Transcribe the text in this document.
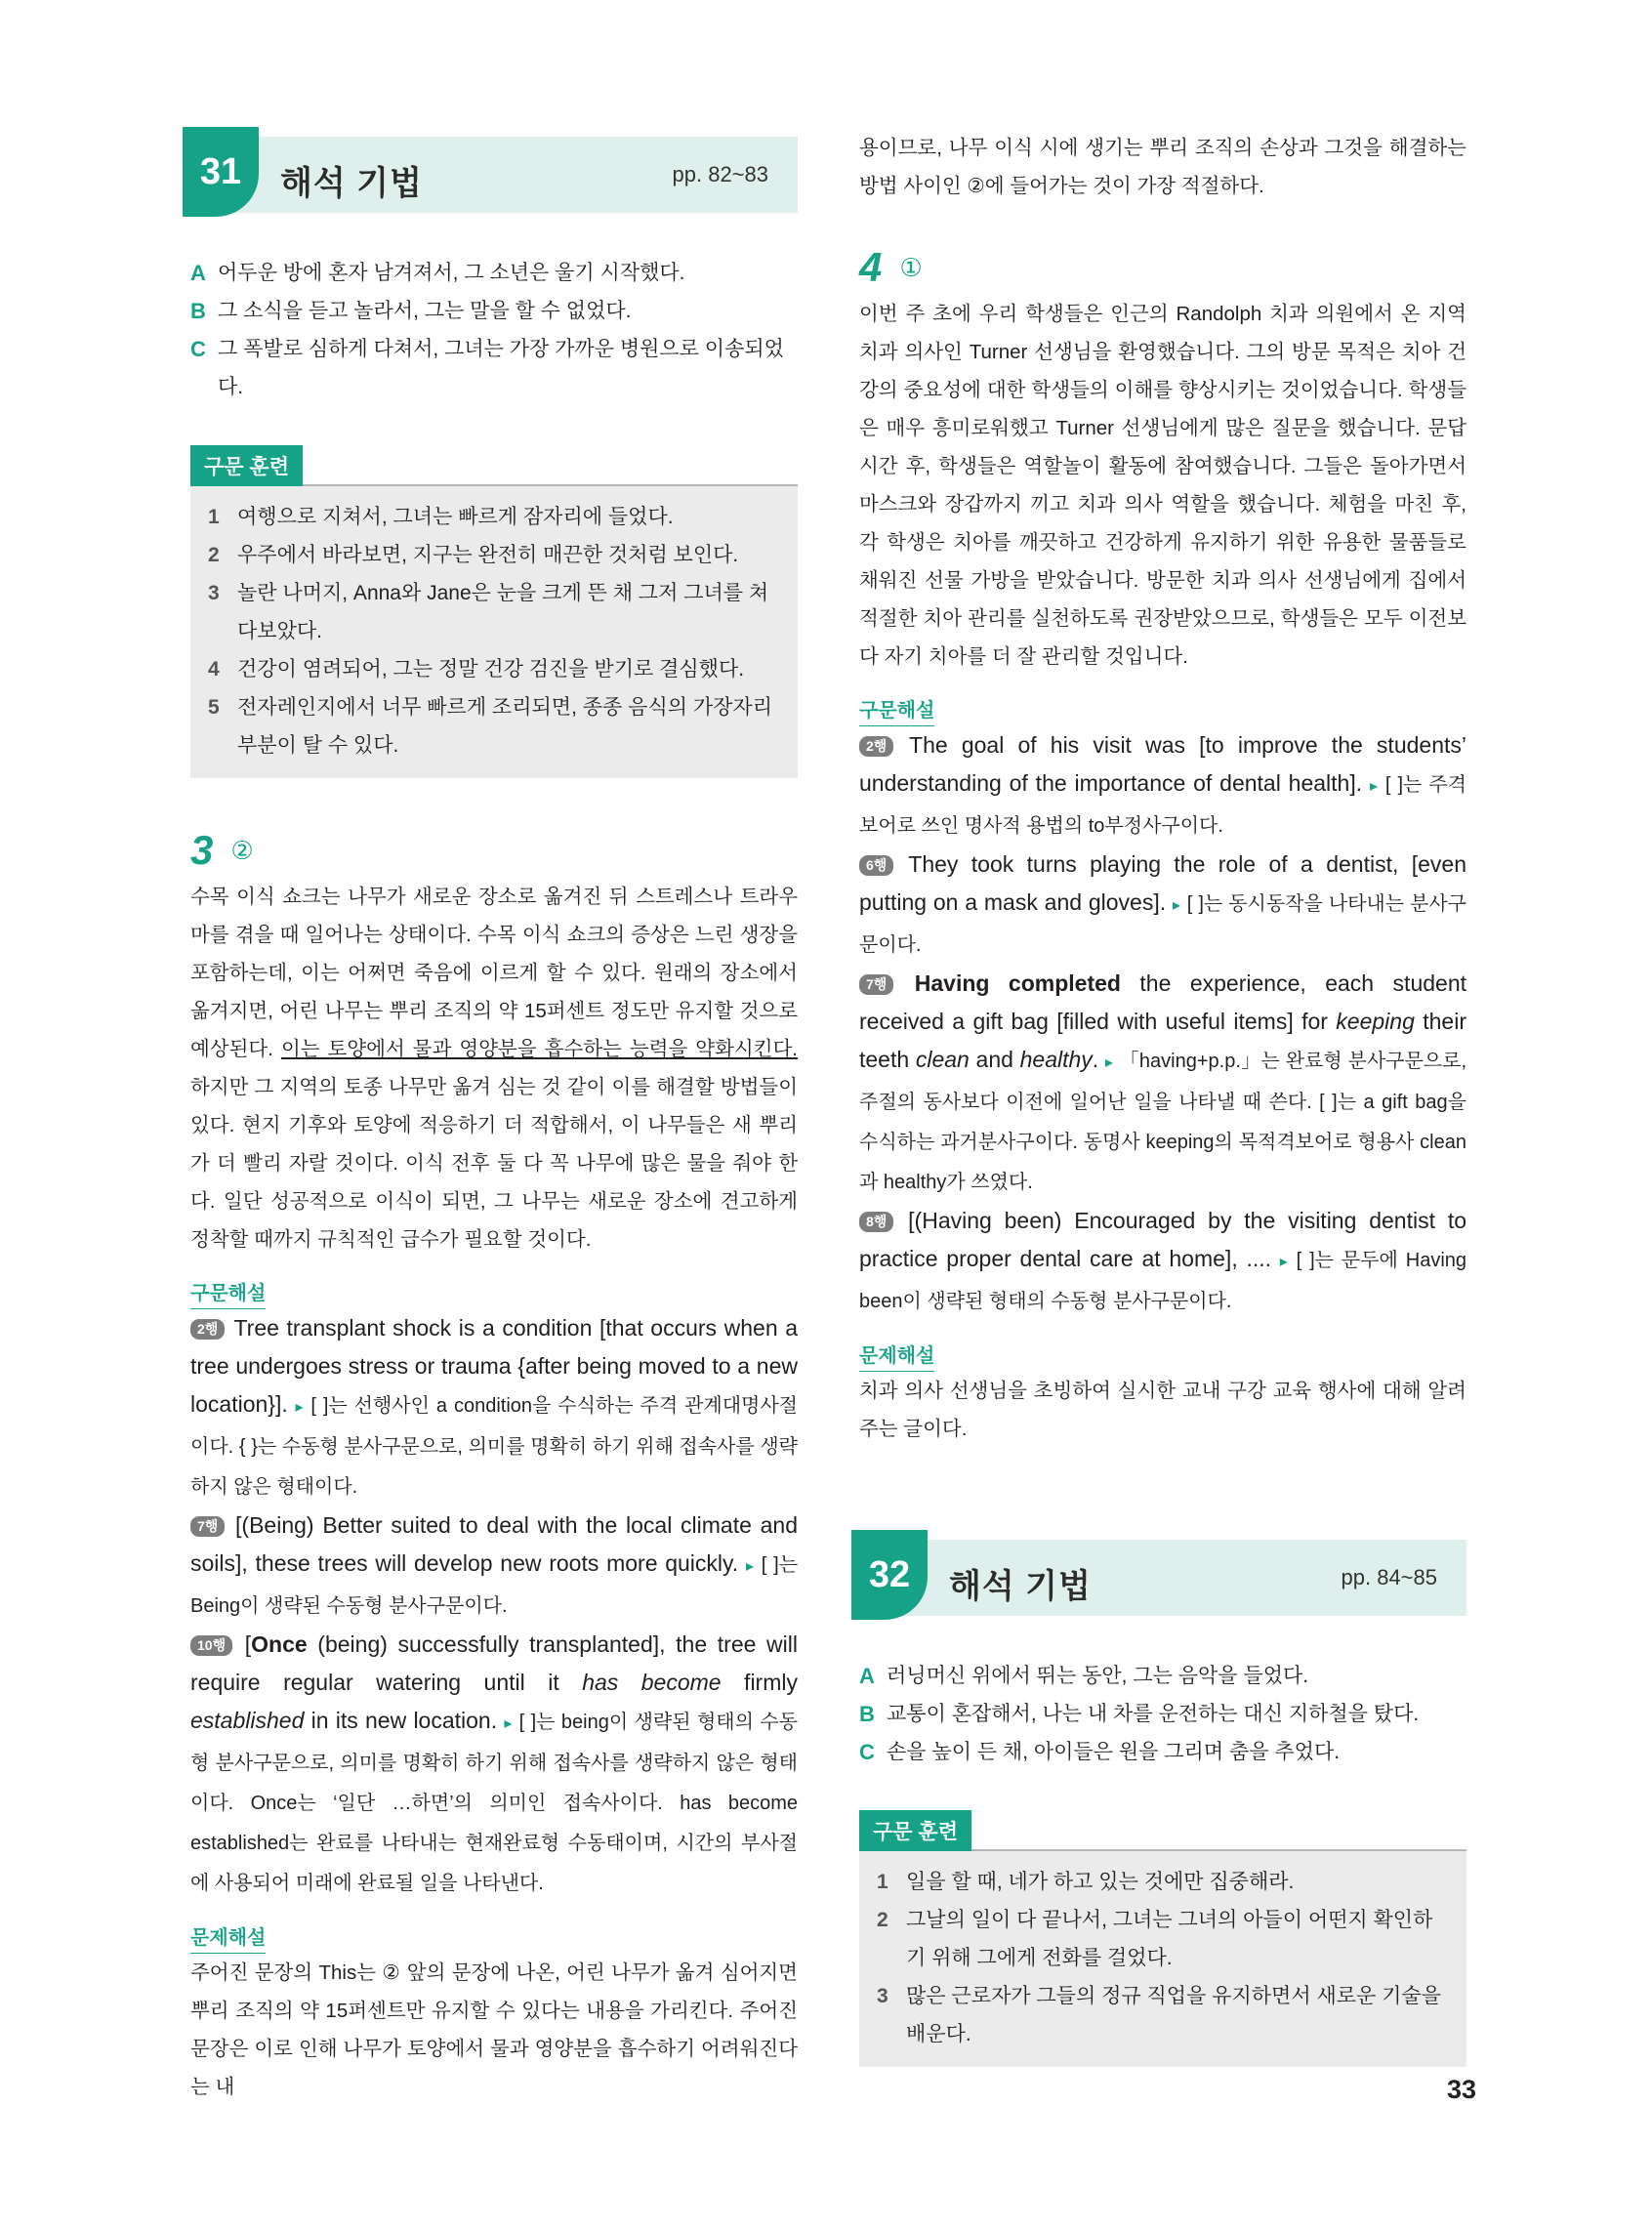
31	해석 기법	pp. 82~83
A 어두운 방에 혼자 남겨져서, 그 소년은 울기 시작했다.
B 그 소식을 듣고 놀라서, 그는 말을 할 수 없었다.
C 그 폭발로 심하게 다쳐서, 그녀는 가장 가까운 병원으로 이송되었다.
구문 훈련
1 여행으로 지쳐서, 그녀는 빠르게 잠자리에 들었다.
2 우주에서 바라보면, 지구는 완전히 매끈한 것처럼 보인다.
3 놀란 나머지, Anna와 Jane은 눈을 크게 뜬 채 그저 그녀를 쳐다보았다.
4 건강이 염려되어, 그는 정말 건강 검진을 받기로 결심했다.
5 전자레인지에서 너무 빠르게 조리되면, 종종 음식의 가장자리 부분이 탈 수 있다.
3 ②

수목 이식 쇼크는 나무가 새로운 장소로 옮겨진 뒤 스트레스나 트라우마를 겪을 때 일어나는 상태이다. 수목 이식 쇼크의 증상은 느린 생장을 포함하는데, 이는 어쩌면 죽음에 이르게 할 수 있다. 원래의 장소에서 옮겨지면, 어린 나무는 뿌리 조직의 약 15퍼센트 정도만 유지할 것으로 예상된다. 이는 토양에서 물과 영양분을 흡수하는 능력을 약화시킨다. 하지만 그 지역의 토종 나무만 옮겨 심는 것 같이 이를 해결할 방법들이 있다. 현지 기후와 토양에 적응하기 더 적합해서, 이 나무들은 새 뿌리가 더 빨리 자랄 것이다. 이식 전후 둘 다 꼭 나무에 많은 물을 줘야 한다. 일단 성공적으로 이식이 되면, 그 나무는 새로운 장소에 견고하게 정착할 때까지 규칙적인 급수가 필요할 것이다.

구문해설

2행 Tree transplant shock is a condition [that occurs when a tree undergoes stress or trauma {after being moved to a new location}]. ▸ [ ]는 선행사인 a condition을 수식하는 주격 관계대명사절이다. { }는 수동형 분사구문으로, 의미를 명확히 하기 위해 접속사를 생략하지 않은 형태이다.

7행 [(Being) Better suited to deal with the local climate and soils], these trees will develop new roots more quickly. ▸ [ ]는 Being이 생략된 수동형 분사구문이다.

10행 [Once (being) successfully transplanted], the tree will require regular watering until it has become firmly established in its new location. ▸ [ ]는 being이 생략된 형태의 수동형 분사구문으로, 의미를 명확히 하기 위해 접속사를 생략하지 않은 형태이다. Once는 ‘일단 …하면’의 의미인 접속사이다. has become established는 완료를 나타내는 현재완료형 수동태이며, 시간의 부사절에 사용되어 미래에 완료될 일을 나타낸다.

문제해설

주어진 문장의 This는 ② 앞의 문장에 나온, 어린 나무가 옮겨 심어지면 뿌리 조직의 약 15퍼센트만 유지할 수 있다는 내용을 가리킨다. 주어진 문장은 이로 인해 나무가 토양에서 물과 영양분을 흡수하기 어려워진다는 내

용이므로, 나무 이식 시에 생기는 뿌리 조직의 손상과 그것을 해결하는 방법 사이인 ②에 들어가는 것이 가장 적절하다.

4 ①

이번 주 초에 우리 학생들은 인근의 Randolph 치과 의원에서 온 지역 치과 의사인 Turner 선생님을 환영했습니다. 그의 방문 목적은 치아 건강의 중요성에 대한 학생들의 이해를 향상시키는 것이었습니다. 학생들은 매우 흥미로워했고 Turner 선생님에게 많은 질문을 했습니다. 문답 시간 후, 학생들은 역할놀이 활동에 참여했습니다. 그들은 돌아가면서 마스크와 장갑까지 끼고 치과 의사 역할을 했습니다. 체험을 마친 후, 각 학생은 치아를 깨끗하고 건강하게 유지하기 위한 유용한 물품들로 채워진 선물 가방을 받았습니다. 방문한 치과 의사 선생님에게 집에서 적절한 치아 관리를 실천하도록 권장받았으므로, 학생들은 모두 이전보다 자기 치아를 더 잘 관리할 것입니다.

구문해설

2행 The goal of his visit was [to improve the students’ understanding of the importance of dental health]. ▸ [ ]는 주격보어로 쓰인 명사적 용법의 to부정사구이다.

6행 They took turns playing the role of a dentist, [even putting on a mask and gloves]. ▸ [ ]는 동시동작을 나타내는 분사구문이다.

7행 Having completed the experience, each student received a gift bag [filled with useful items] for keeping their teeth clean and healthy. ▸ 「having+p.p.」는 완료형 분사구문으로, 주절의 동사보다 이전에 일어난 일을 나타낼 때 쓴다. [ ]는 a gift bag을 수식하는 과거분사구이다. 동명사 keeping의 목적격보어로 형용사 clean과 healthy가 쓰였다.

8행 [(Having been) Encouraged by the visiting dentist to practice proper dental care at home], .... ▸ [ ]는 문두에 Having been이 생략된 형태의 수동형 분사구문이다.

문제해설

치과 의사 선생님을 초빙하여 실시한 교내 구강 교육 행사에 대해 알려 주는 글이다.

32	해석 기법	pp. 84~85
A 러닝머신 위에서 뛰는 동안, 그는 음악을 들었다.
B 교통이 혼잡해서, 나는 내 차를 운전하는 대신 지하철을 탔다.
C 손을 높이 든 채, 아이들은 원을 그리며 춤을 추었다.
구문 훈련
1 일을 할 때, 네가 하고 있는 것에만 집중해라.
2 그날의 일이 다 끝나서, 그녀는 그녀의 아들이 어떤지 확인하기 위해 그에게 전화를 걸었다.
3 많은 근로자가 그들의 정규 직업을 유지하면서 새로운 기술을 배운다.
33
